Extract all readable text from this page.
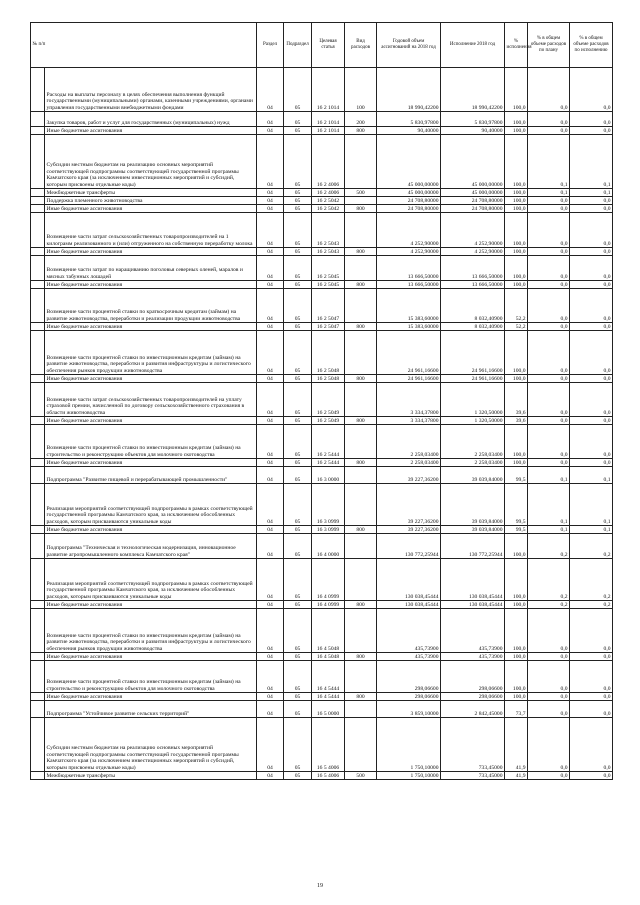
№ п/п		Раздел	Подраздел	Целевая статья	Вид расходов	Годовой объем ассигнований на 2018 год	Исполнение 2018 год	% исполнения	% в общем объеме расходов по плану	% в общем объеме расходов по исполнению
	Расходы на выплаты персоналу в целях обеспечения выполнения функций государственными (муниципальными) органами, казенными учреждениями, органами управления государственными внебюджетными фондами	04	05	16 2 1014	100	18 990,42200	18 990,42200	100,0	0,0	0,0
	Закупка товаров, работ и услуг для государственных (муниципальных) нужд	04	05	16 2 1014	200	5 830,97800	5 830,97800	100,0	0,0	0,0
	Иные бюджетные ассигнования	04	05	16 2 1014	800	90,40000	90,40000	100,0	0,0	0,0
	Субсидии местным бюджетам на реализацию основных мероприятий соответствующей подпрограммы соответствующей государственной программы Камчатского края (за исключением инвестиционных мероприятий и субсидий, которым присвоены отдельные коды)	04	05	16 2 4006		45 000,00000	45 000,00000	100,0	0,1	0,1
	Межбюджетные трансферты	04	05	16 2 4006	500	45 000,00000	45 000,00000	100,0	0,1	0,1
	Поддержка племенного животноводства	04	05	16 2 5042		24 708,80000	24 708,80000	100,0	0,0	0,0
	Иные бюджетные ассигнования	04	05	16 2 5042	800	24 708,80000	24 708,80000	100,0	0,0	0,0
	Возмещение части затрат сельскохозяйственных товаропроизводителей на 1 килограмм реализованного и (или) отгруженного на собственную переработку молока	04	05	16 2 5043		4 252,90000	4 252,90000	100,0	0,0	0,0
	Иные бюджетные ассигнования	04	05	16 2 5043	800	4 252,90000	4 252,90000	100,0	0,0	0,0
	Возмещение части затрат по наращиванию поголовья северных оленей, маралов и мясных табунных лошадей	04	05	16 2 5045		13 666,50000	13 666,50000	100,0	0,0	0,0
	Иные бюджетные ассигнования	04	05	16 2 5045	800	13 666,50000	13 666,50000	100,0	0,0	0,0
	Возмещение части процентной ставки по краткосрочным кредитам (займам) на развитие животноводства, переработки и реализации продукции животноводства	04	05	16 2 5047		15 383,60000	8 032,40900	52,2	0,0	0,0
	Иные бюджетные ассигнования	04	05	16 2 5047	800	15 383,60000	8 032,40900	52,2	0,0	0,0
	Возмещение части процентной ставки по инвестиционным кредитам (займам) на развитие животноводства, переработки и развития инфраструктуры и логистического обеспечения рынков продукции животноводства	04	05	16 2 5048		24 961,16600	24 961,16600	100,0	0,0	0,0
	Иные бюджетные ассигнования	04	05	16 2 5048	800	24 961,16600	24 961,16600	100,0	0,0	0,0
	Возмещение части затрат сельскохозяйственных товаропроизводителей на уплату страховой премии, начисленной по договору сельскохозяйственного страхования в области животноводства	04	05	16 2 5049		3 334,37800	1 320,50000	39,6	0,0	0,0
	Иные бюджетные ассигнования	04	05	16 2 5049	800	3 334,37800	1 320,50000	39,6	0,0	0,0
	Возмещение части процентной ставки по инвестиционным кредитам (займам) на строительство и реконструкцию объектов для молочного скотоводства	04	05	16 2 5444		2 258,03400	2 258,03400	100,0	0,0	0,0
	Иные бюджетные ассигнования	04	05	16 2 5444	800	2 258,03400	2 258,03400	100,0	0,0	0,0
	Подпрограмма "Развитие пищевой и перерабатывающей промышленности"	04	05	16 3 0000		39 227,36200	39 039,84000	99,5	0,1	0,1
	Реализация мероприятий соответствующей подпрограммы в рамках соответствующей государственной программы Камчатского края, за исключением обособленных расходов, которым присваиваются уникальные коды	04	05	16 3 0999		39 227,36200	39 039,84000	99,5	0,1	0,1
	Иные бюджетные ассигнования	04	05	16 3 0999	800	39 227,36200	39 039,84000	99,5	0,1	0,1
	Подпрограмма "Техническая и технологическая модернизация, инновационное развитие агропромышленного комплекса Камчатского края"	04	05	16 4 0000		130 772,25944	130 772,25944	100,0	0,2	0,2
	Реализация мероприятий соответствующей подпрограммы в рамках соответствующей государственной программы Камчатского края, за исключением обособленных расходов, которым присваиваются уникальные коды	04	05	16 4 0999		130 038,45444	130 038,45444	100,0	0,2	0,2
	Иные бюджетные ассигнования	04	05	16 4 0999	800	130 038,45444	130 038,45444	100,0	0,2	0,2
	Возмещение части процентной ставки по инвестиционным кредитам (займам) на развитие животноводства, переработки и развития инфраструктуры и логистического обеспечения рынков продукции животноводства	04	05	16 4 5048		435,73900	435,73900	100,0	0,0	0,0
	Иные бюджетные ассигнования	04	05	16 4 5048	800	435,73900	435,73900	100,0	0,0	0,0
	Возмещение части процентной ставки по инвестиционным кредитам (займам) на строительство и реконструкцию объектов для молочного скотоводства	04	05	16 4 5444		298,06600	298,06600	100,0	0,0	0,0
	Иные бюджетные ассигнования	04	05	16 4 5444	800	298,06600	298,06600	100,0	0,0	0,0
	Подпрограмма "Устойчивое развитие сельских территорий"	04	05	16 5 0000		3 859,10000	2 842,45000	73,7	0,0	0,0
	Субсидии местным бюджетам на реализацию основных мероприятий соответствующей подпрограммы соответствующей государственной программы Камчатского края (за исключением инвестиционных мероприятий и субсидий, которым присвоены отдельные коды)	04	05	16 5 4006		1 750,10000	733,45000	41,9	0,0	0,0
	Межбюджетные трансферты	04	05	16 5 4006	500	1 750,10000	733,45000	41,9	0,0	0,0
19
